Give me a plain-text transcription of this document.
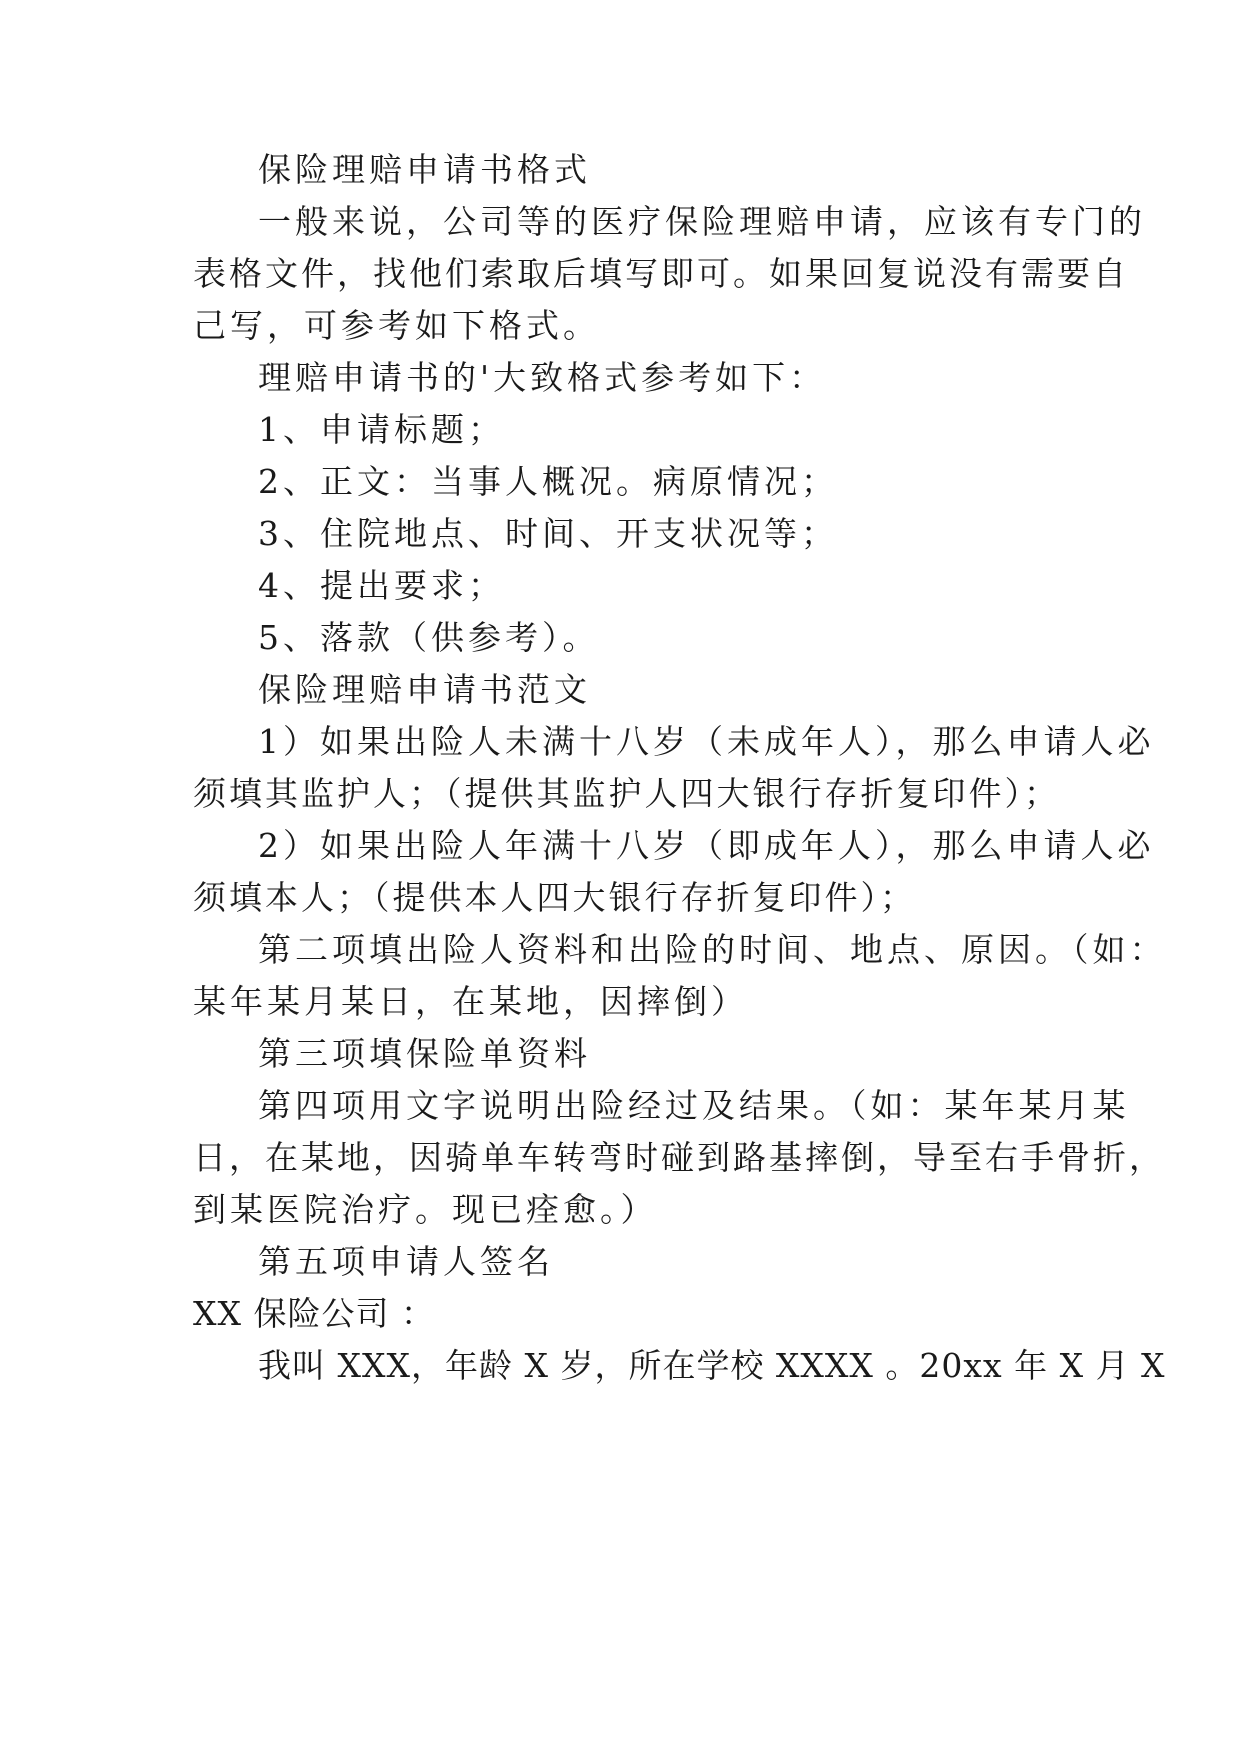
保险理赔申请书格式
一般来说，公司等的医疗保险理赔申请，应该有专门的
表格文件，找他们索取后填写即可。如果回复说没有需要自
己写，可参考如下格式。
理赔申请书的'大致格式参考如下：
1、申请标题；
2、正文：当事人概况。病原情况；
3、住院地点、时间、开支状况等；
4、提出要求；
5、落款（供参考）。
保险理赔申请书范文
1）如果出险人未满十八岁（未成年人），那么申请人必
须填其监护人；（提供其监护人四大银行存折复印件）；
2）如果出险人年满十八岁（即成年人），那么申请人必
须填本人；（提供本人四大银行存折复印件）；
第二项填出险人资料和出险的时间、地点、原因。（如：
某年某月某日，在某地，因摔倒）
第三项填保险单资料
第四项用文字说明出险经过及结果。（如：某年某月某
日，在某地，因骑单车转弯时碰到路基摔倒，导至右手骨折，
到某医院治疗。现已痊愈。）
第五项申请人签名
XX 保险公司 ：
我叫 XXX，年龄 X 岁，所在学校 XXXX 。20xx 年 X 月 X
